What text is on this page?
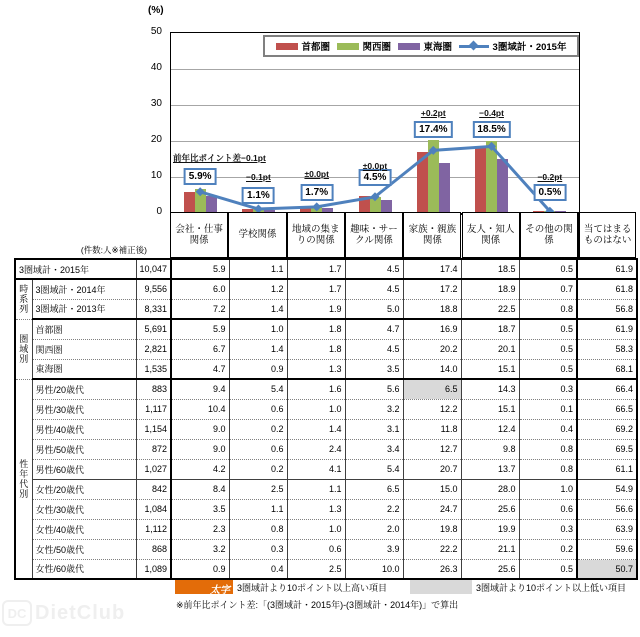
(%)
0
10
20
30
40
50
5.9%
前年比ポイント差−0.1pt
1.1%
−0.1pt
1.7%
±0.0pt	4.5%
±0.0pt
17.4%
+0.2pt
18.5%
−0.4pt
0.5%
−0.2pt
首都圏	関西圏	東海圏	3圏域計・2015年
会社・仕事関係
学校関係
地域の集まりの関係
趣味・サークル関係
家族・親族関係
友人・知人関係
その他の関係
当てはまるものはない
(件数:人※補正後)
3圏域計・2015年		10,047	5.9	1.1	1.7	4.5	17.4	18.5	0.5	61.9
時系列	3圏域計・2014年	9,556	6.0	1.2	1.7	4.5	17.2	18.9	0.7	61.8
	3圏域計・2013年	8,331	7.2	1.4	1.9	5.0	18.8	22.5	0.8	56.8
圏域別	首都圏	5,691	5.9	1.0	1.8	4.7	16.9	18.7	0.5	61.9
	関西圏	2,821	6.7	1.4	1.8	4.5	20.2	20.1	0.5	58.3
	東海圏	1,535	4.7	0.9	1.3	3.5	14.0	15.1	0.5	68.1
性年代別	男性/20歳代	883	9.4	5.4	1.6	5.6	6.5	14.3	0.3	66.4
	男性/30歳代	1,117	10.4	0.6	1.0	3.2	12.2	15.1	0.1	66.5
	男性/40歳代	1,154	9.0	0.2	1.4	3.1	11.8	12.4	0.4	69.2
	男性/50歳代	872	9.0	0.6	2.4	3.4	12.7	9.8	0.8	69.5
	男性/60歳代	1,027	4.2	0.2	4.1	5.4	20.7	13.7	0.8	61.1
	女性/20歳代	842	8.4	2.5	1.1	6.5	15.0	28.0	1.0	54.9
	女性/30歳代	1,084	3.5	1.1	1.3	2.2	24.7	25.6	0.6	56.6
	女性/40歳代	1,112	2.3	0.8	1.0	2.0	19.8	19.9	0.3	63.9
	女性/50歳代	868	3.2	0.3	0.6	3.9	22.2	21.1	0.2	59.6
	女性/60歳代	1,089	0.9	0.4	2.5	10.0	26.3	25.6	0.5	50.7
太字 3圏域計より10ポイント以上高い項目	3圏域計より10ポイント以上低い項目
※前年比ポイント差:「(3圏域計・2015年)-(3圏域計・2014年)」で算出
DC DietClub
